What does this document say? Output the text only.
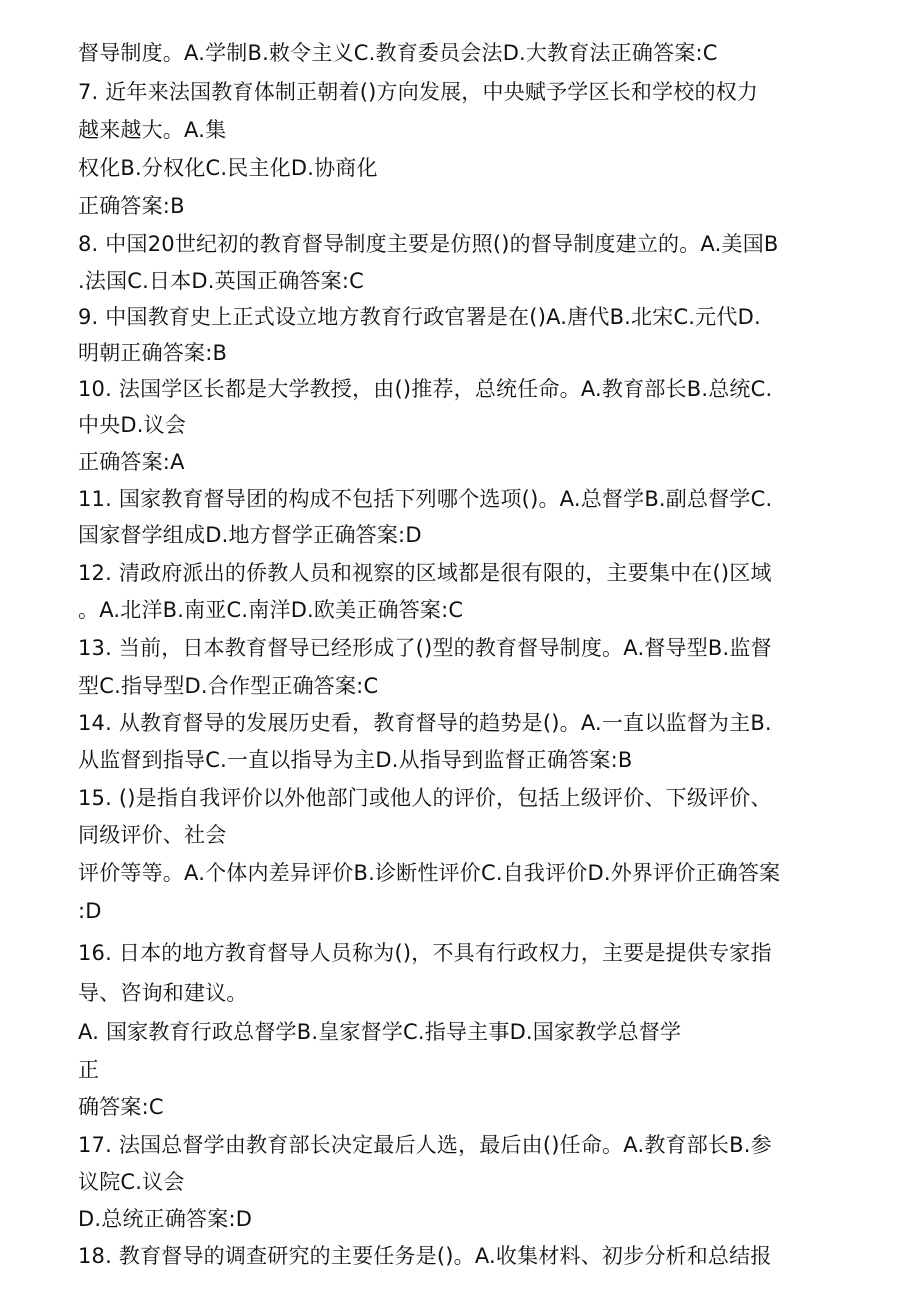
督导制度。A.学制B.敕令主义C.教育委员会法D.大教育法正确答案:C
7. 近年来法国教育体制正朝着()方向发展，中央赋予学区长和学校的权力
越来越大。A.集
权化B.分权化C.民主化D.协商化
正确答案:B
8. 中国20世纪初的教育督导制度主要是仿照()的督导制度建立的。A.美国B
.法国C.日本D.英国正确答案:C
9. 中国教育史上正式设立地方教育行政官署是在()A.唐代B.北宋C.元代D.
明朝正确答案:B
10. 法国学区长都是大学教授，由()推荐，总统任命。A.教育部长B.总统C.
中央D.议会
正确答案:A
11. 国家教育督导团的构成不包括下列哪个选项()。A.总督学B.副总督学C.
国家督学组成D.地方督学正确答案:D
12. 清政府派出的侨教人员和视察的区域都是很有限的，主要集中在()区域
。A.北洋B.南亚C.南洋D.欧美正确答案:C
13. 当前，日本教育督导已经形成了()型的教育督导制度。A.督导型B.监督
型C.指导型D.合作型正确答案:C
14. 从教育督导的发展历史看，教育督导的趋势是()。A.一直以监督为主B.
从监督到指导C.一直以指导为主D.从指导到监督正确答案:B
15. ()是指自我评价以外他部门或他人的评价，包括上级评价、下级评价、
同级评价、社会
评价等等。A.个体内差异评价B.诊断性评价C.自我评价D.外界评价正确答案
:D
16. 日本的地方教育督导人员称为()，不具有行政权力，主要是提供专家指
导、咨询和建议。
A. 国家教育行政总督学B.皇家督学C.指导主事D.国家教学总督学
正
确答案:C
17. 法国总督学由教育部长决定最后人选，最后由()任命。A.教育部长B.参
议院C.议会
D.总统正确答案:D
18. 教育督导的调查研究的主要任务是()。A.收集材料、初步分析和总结报
